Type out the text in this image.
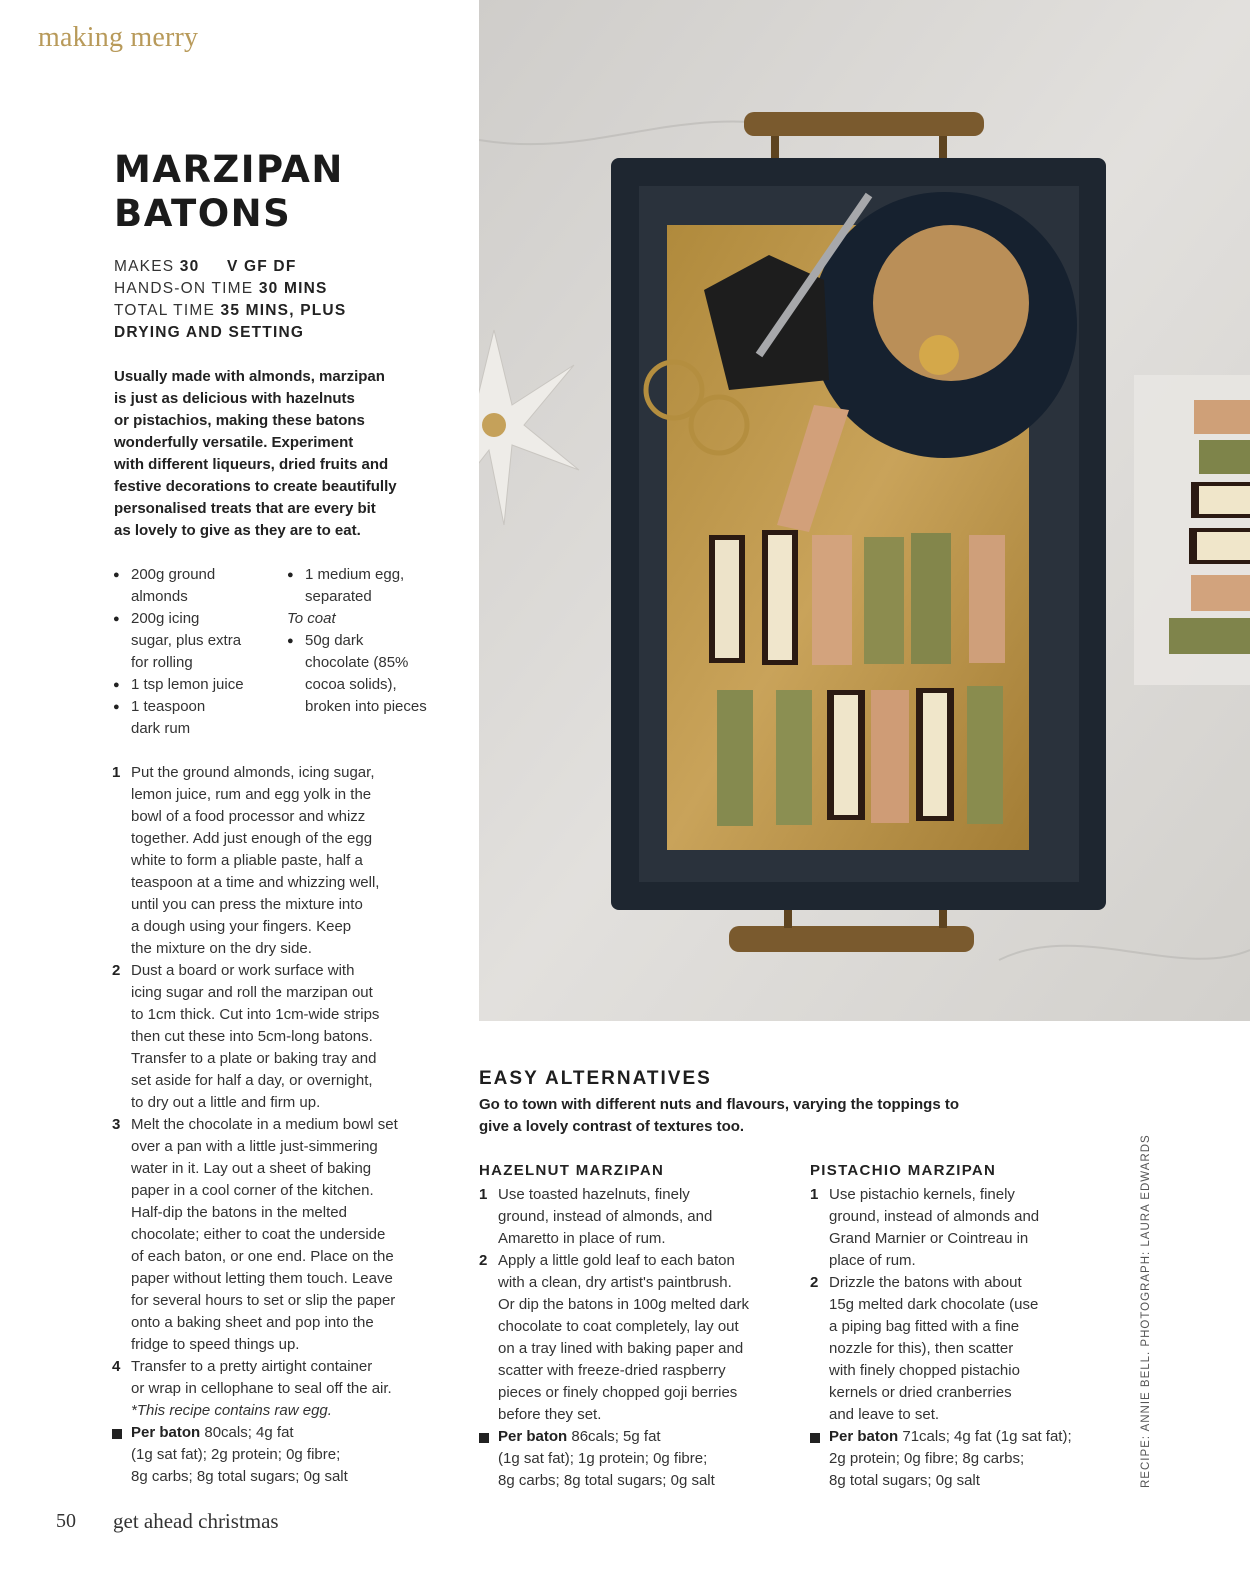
making merry
MARZIPAN
BATONS
MAKES 30 V GF DF
HANDS-ON TIME 30 MINS
TOTAL TIME 35 MINS, PLUS
DRYING AND SETTING
Usually made with almonds, marzipan
is just as delicious with hazelnuts
or pistachios, making these batons
wonderfully versatile. Experiment
with different liqueurs, dried fruits and
festive decorations to create beautifully
personalised treats that are every bit
as lovely to give as they are to eat.
● 200g ground
almonds
● 200g icing
sugar, plus extra
for rolling
● 1 tsp lemon juice
● 1 teaspoon
dark rum
● 1 medium egg,
separated
To coat
● 50g dark
chocolate (85%
cocoa solids),
broken into pieces
1 Put the ground almonds, icing sugar,
lemon juice, rum and egg yolk in the
bowl of a food processor and whizz
together. Add just enough of the egg
white to form a pliable paste, half a
teaspoon at a time and whizzing well,
until you can press the mixture into
a dough using your fingers. Keep
the mixture on the dry side.
2 Dust a board or work surface with
icing sugar and roll the marzipan out
to 1cm thick. Cut into 1cm-wide strips
then cut these into 5cm-long batons.
Transfer to a plate or baking tray and
set aside for half a day, or overnight,
to dry out a little and firm up.
3 Melt the chocolate in a medium bowl set
over a pan with a little just-simmering
water in it. Lay out a sheet of baking
paper in a cool corner of the kitchen.
Half-dip the batons in the melted
chocolate; either to coat the underside
of each baton, or one end. Place on the
paper without letting them touch. Leave
for several hours to set or slip the paper
onto a baking sheet and pop into the
fridge to speed things up.
4 Transfer to a pretty airtight container
or wrap in cellophane to seal off the air.
*This recipe contains raw egg.
Per baton 80cals; 4g fat
(1g sat fat); 2g protein; 0g fibre;
8g carbs; 8g total sugars; 0g salt
EASY ALTERNATIVES
Go to town with different nuts and flavours, varying the toppings to
give a lovely contrast of textures too.
HAZELNUT MARZIPAN
1 Use toasted hazelnuts, finely
ground, instead of almonds, and
Amaretto in place of rum.
2 Apply a little gold leaf to each baton
with a clean, dry artist's paintbrush.
Or dip the batons in 100g melted dark
chocolate to coat completely, lay out
on a tray lined with baking paper and
scatter with freeze-dried raspberry
pieces or finely chopped goji berries
before they set.
Per baton 86cals; 5g fat
(1g sat fat); 1g protein; 0g fibre;
8g carbs; 8g total sugars; 0g salt
PISTACHIO MARZIPAN
1 Use pistachio kernels, finely
ground, instead of almonds and
Grand Marnier or Cointreau in
place of rum.
2 Drizzle the batons with about
15g melted dark chocolate (use
a piping bag fitted with a fine
nozzle for this), then scatter
with finely chopped pistachio
kernels or dried cranberries
and leave to set.
Per baton 71cals; 4g fat (1g sat fat);
2g protein; 0g fibre; 8g carbs;
8g total sugars; 0g salt	RECIPE: ANNIE BELL. PHOTOGRAPH: LAURA EDWARDS
50 get ahead christmas
